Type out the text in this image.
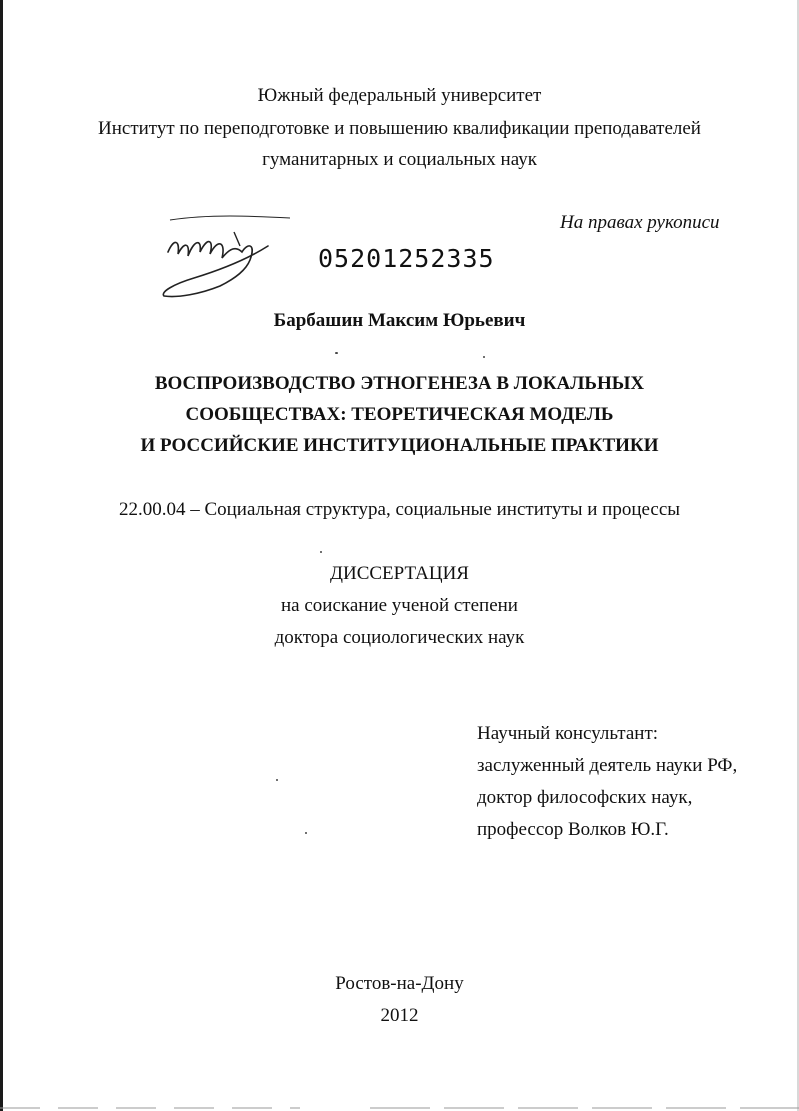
Южный федеральный университет
Институт по переподготовке и повышению квалификации преподавателей
гуманитарных и социальных наук
На правах рукописи
05201252335
Барбашин Максим Юрьевич
ВОСПРОИЗВОДСТВО ЭТНОГЕНЕЗА В ЛОКАЛЬНЫХ
СООБЩЕСТВАХ: ТЕОРЕТИЧЕСКАЯ МОДЕЛЬ
И РОССИЙСКИЕ ИНСТИТУЦИОНАЛЬНЫЕ ПРАКТИКИ
22.00.04 – Социальная структура, социальные институты и процессы
ДИССЕРТАЦИЯ
на соискание ученой степени
доктора социологических наук
Научный консультант:
заслуженный деятель науки РФ,
доктор философских наук,
профессор Волков Ю.Г.
Ростов-на-Дону
2012
